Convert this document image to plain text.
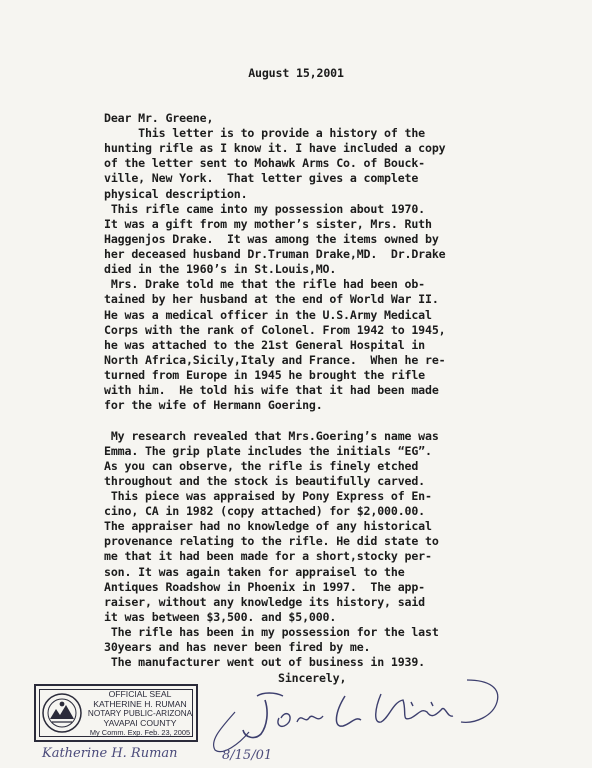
August 15,2001
Dear Mr. Greene,
This letter is to provide a history of the
hunting rifle as I know it. I have included a copy
of the letter sent to Mohawk Arms Co. of Bouck-
ville, New York.  That letter gives a complete
physical description.
This rifle came into my possession about 1970.
It was a gift from my mother’s sister, Mrs. Ruth
Haggenjos Drake.  It was among the items owned by
her deceased husband Dr.Truman Drake,MD.  Dr.Drake
died in the 1960’s in St.Louis,MO.
Mrs. Drake told me that the rifle had been ob-
tained by her husband at the end of World War II.
He was a medical officer in the U.S.Army Medical
Corps with the rank of Colonel. From 1942 to 1945,
he was attached to the 21st General Hospital in
North Africa,Sicily,Italy and France.  When he re-
turned from Europe in 1945 he brought the rifle
with him.  He told his wife that it had been made
for the wife of Hermann Goering.
My research revealed that Mrs.Goering’s name was
Emma. The grip plate includes the initials “EG”.
As you can observe, the rifle is finely etched
throughout and the stock is beautifully carved.
This piece was appraised by Pony Express of En-
cino, CA in 1982 (copy attached) for $2,000.00.
The appraiser had no knowledge of any historical
provenance relating to the rifle. He did state to
me that it had been made for a short,stocky per-
son. It was again taken for appraisel to the
Antiques Roadshow in Phoenix in 1997.  The app-
raiser, without any knowledge its history, said
it was between $3,500. and $5,000.
The rifle has been in my possession for the last
30years and has never been fired by me.
The manufacturer went out of business in 1939.
Sincerely,
OFFICIAL SEAL
KATHERINE H. RUMAN
NOTARY PUBLIC-ARIZONA
YAVAPAI COUNTY
My Comm. Exp. Feb. 23, 2005
Katherine H. Ruman	8/15/01
